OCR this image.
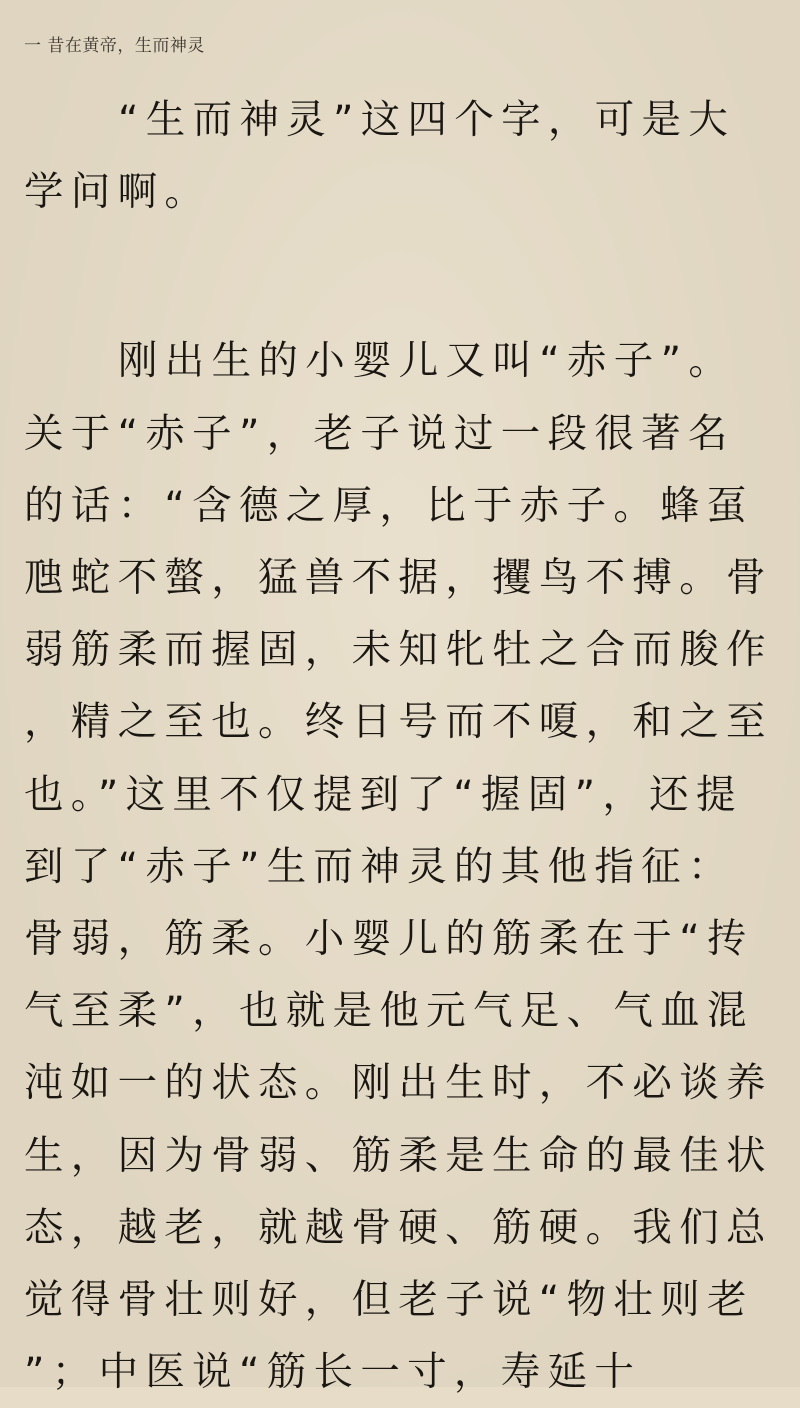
一 昔在黄帝，生而神灵

“生而神灵”这四个字，可是大学问啊。

刚出生的小婴儿又叫“赤子”。关于“赤子”，老子说过一段很著名的话：“含德之厚，比于赤子。蜂虿虺蛇不螫，猛兽不据，攫鸟不搏。骨弱筋柔而握固，未知牝牡之合而朘作，精之至也。终日号而不嗄，和之至也。”这里不仅提到了“握固”，还提到了“赤子”生而神灵的其他指征：骨弱，筋柔。小婴儿的筋柔在于“抟气至柔”，也就是他元气足、气血混沌如一的状态。刚出生时，不必谈养生，因为骨弱、筋柔是生命的最佳状态，越老，就越骨硬、筋硬。我们总觉得骨壮则好，但老子说“物壮则老”；中医说“筋长一寸，寿延十
